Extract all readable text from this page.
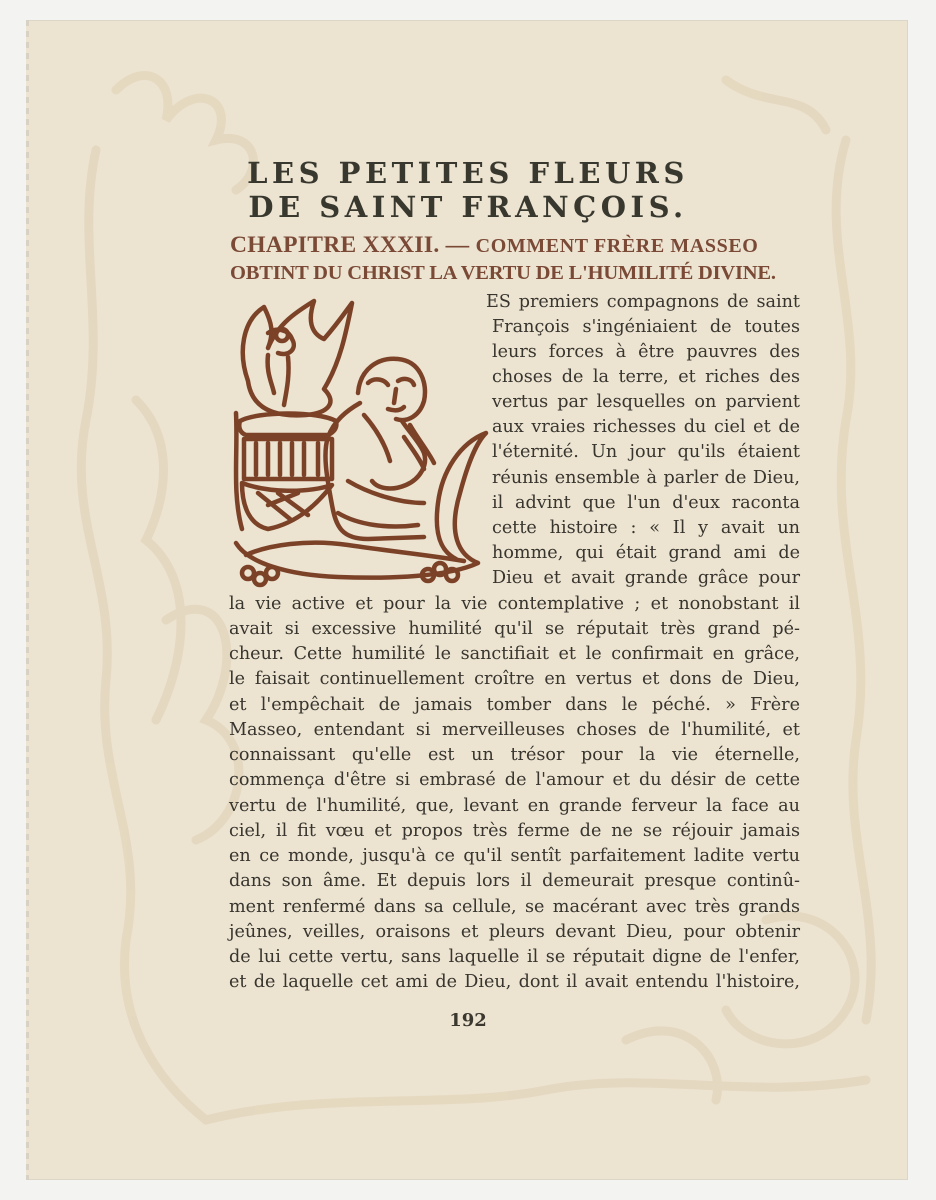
LES PETITES FLEURS
DE SAINT FRANÇOIS.
CHAPITRE XXXII. — COMMENT FRÈRE MASSEO
OBTINT DU CHRIST LA VERTU DE L'HUMILITÉ DIVINE.
ES premiers compagnons de saint
François s'ingéniaient de toutes
leurs forces à être pauvres des
choses de la terre, et riches des
vertus par lesquelles on parvient
aux vraies richesses du ciel et de
l'éternité. Un jour qu'ils étaient
réunis ensemble à parler de Dieu,
il advint que l'un d'eux raconta
cette histoire : « Il y avait un
homme, qui était grand ami de
Dieu et avait grande grâce pour
la vie active et pour la vie contemplative ; et nonobstant il
avait si excessive humilité qu'il se réputait très grand pé-
cheur. Cette humilité le sanctifiait et le confirmait en grâce,
le faisait continuellement croître en vertus et dons de Dieu,
et l'empêchait de jamais tomber dans le péché. » Frère
Masseo, entendant si merveilleuses choses de l'humilité, et
connaissant qu'elle est un trésor pour la vie éternelle,
commença d'être si embrasé de l'amour et du désir de cette
vertu de l'humilité, que, levant en grande ferveur la face au
ciel, il fit vœu et propos très ferme de ne se réjouir jamais
en ce monde, jusqu'à ce qu'il sentît parfaitement ladite vertu
dans son âme. Et depuis lors il demeurait presque continû-
ment renfermé dans sa cellule, se macérant avec très grands
jeûnes, veilles, oraisons et pleurs devant Dieu, pour obtenir
de lui cette vertu, sans laquelle il se réputait digne de l'enfer,
et de laquelle cet ami de Dieu, dont il avait entendu l'histoire,
192
